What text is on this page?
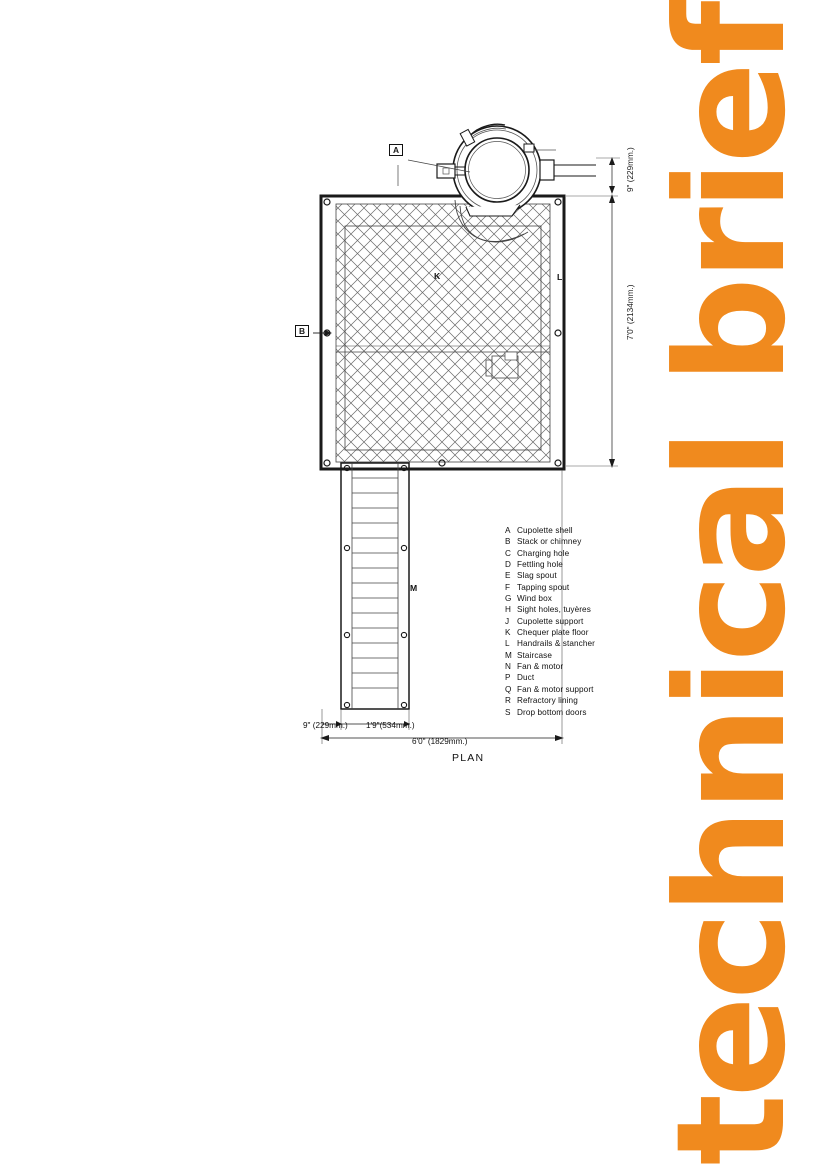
A
B
K	L
M
7'0" (2134mm.)
9" (229mm.)
9" (229mm.) 1'9"(534mm.)
6'0" (1829mm.)
PLAN
A Cupolette shell
B Stack or chimney
C Charging hole
D Fettling hole
E Slag spout
F Tapping spout
G Wind box
H Sight holes, tuyères
J Cupolette support
K Chequer plate floor
L Handrails & stancher
M Staircase
N Fan & motor
P Duct
Q Fan & motor support
R Refractory lining
S Drop bottom doors technical brief
